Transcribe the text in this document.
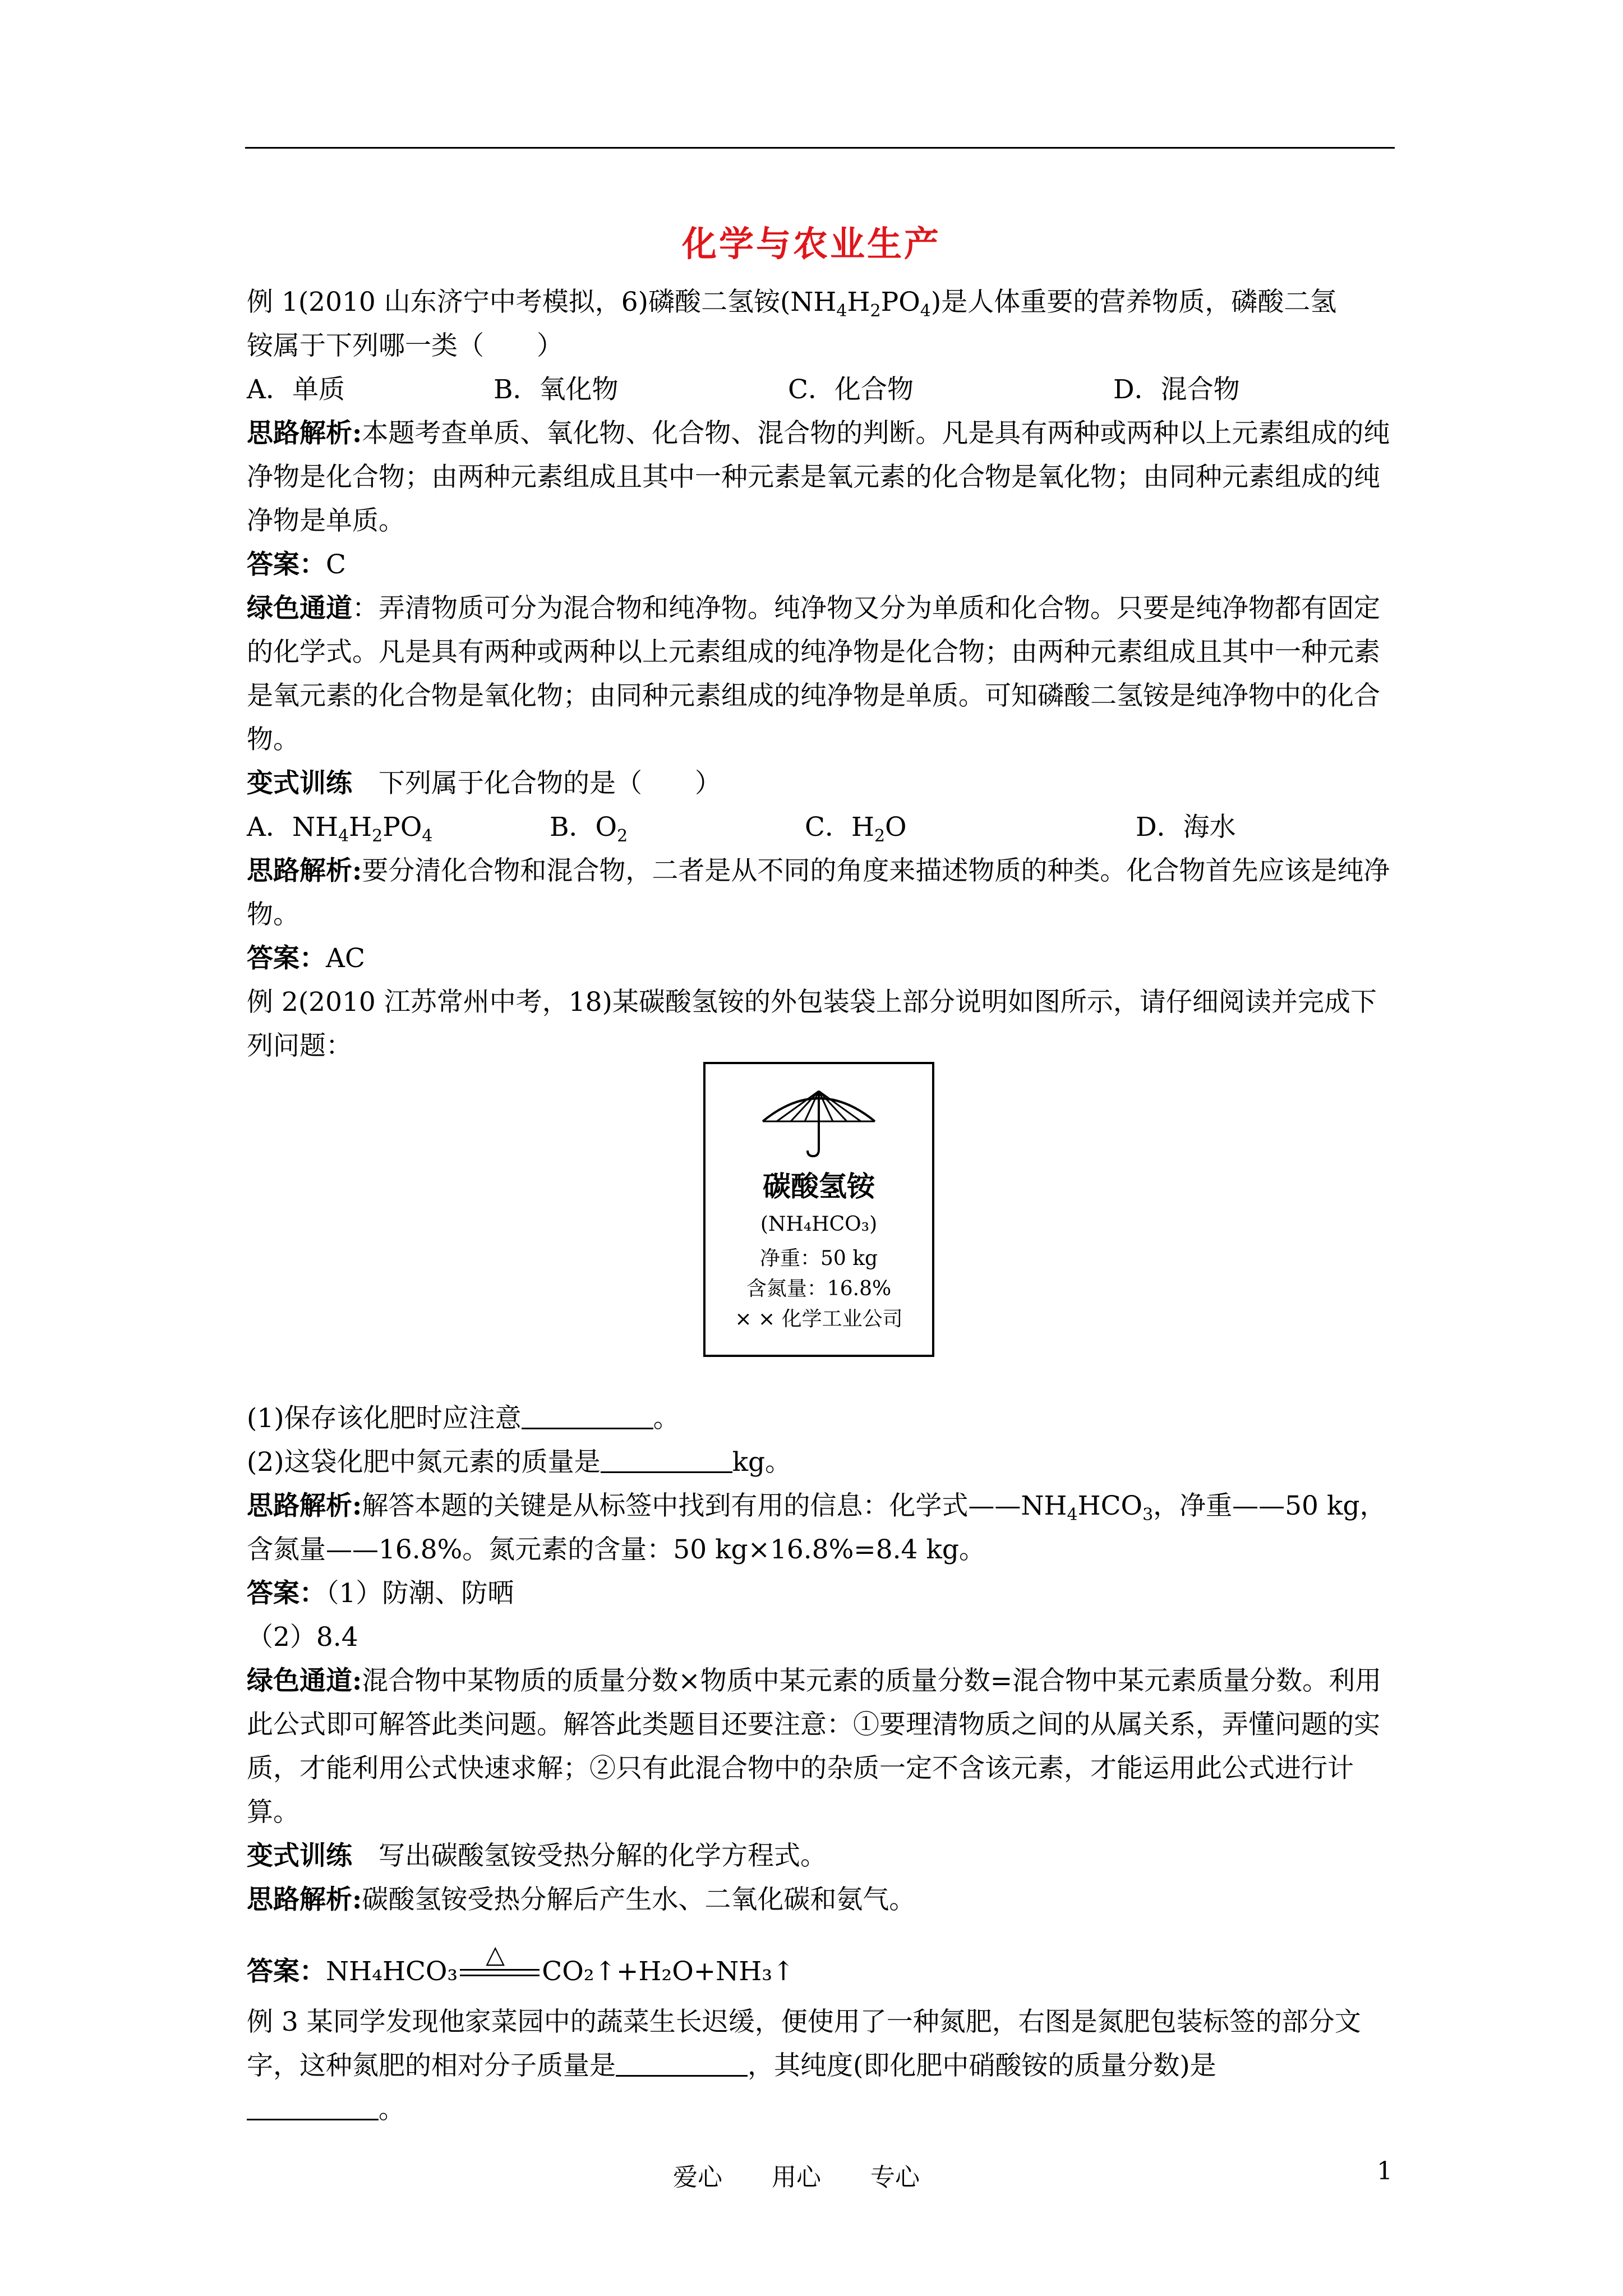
化学与农业生产

例 1(2010 山东济宁中考模拟，6)磷酸二氢铵$(NH_4H_2PO_4)$是人体重要的营养物质，磷酸二氢

铵属于下列哪一类（　　）

A．单质	B．氧化物	C．化合物	D．混合物

思路解析:本题考查单质、氧化物、化合物、混合物的判断。凡是具有两种或两种以上元素组成的纯净物是化合物；由两种元素组成且其中一种元素是氧元素的化合物是氧化物；由同种元素组成的纯净物是单质。

答案：C

绿色通道：弄清物质可分为混合物和纯净物。纯净物又分为单质和化合物。只要是纯净物都有固定的化学式。凡是具有两种或两种以上元素组成的纯净物是化合物；由两种元素组成且其中一种元素是氧元素的化合物是氧化物；由同种元素组成的纯净物是单质。可知磷酸二氢铵是纯净物中的化合物。

变式训练　下列属于化合物的是（　　）

A．$NH_4H_2PO_4$	B．$O_2$	C．$H_2O$	D．海水

思路解析:要分清化合物和混合物，二者是从不同的角度来描述物质的种类。化合物首先应该是纯净物。

答案：AC

例 2(2010 江苏常州中考，18)某碳酸氢铵的外包装袋上部分说明如图所示，请仔细阅读并完成下列问题：

(1)保存该化肥时应注意	。

(2)这袋化肥中氮元素的质量是	kg。

思路解析:解答本题的关键是从标签中找到有用的信息：化学式$——NH_4HCO_3$，净重——50 kg，含氮量——16.8%。氮元素的含量：50 kg×16.8%=8.4 kg。

答案：（1）防潮、防晒

（2）8.4

绿色通道:混合物中某物质的质量分数×物质中某元素的质量分数=混合物中某元素质量分数。利用此公式即可解答此类问题。解答此类题目还要注意：①要理清物质之间的从属关系，弄懂问题的实质，才能利用公式快速求解；②只有此混合物中的杂质一定不含该元素，才能运用此公式进行计算。

变式训练　写出碳酸氢铵受热分解的化学方程式。

思路解析:碳酸氢铵受热分解后产生水、二氧化碳和氨气。

答案：NH₄HCO₃
△
CO₂↑+H₂O+NH₃↑

例 3 某同学发现他家菜园中的蔬菜生长迟缓，便使用了一种氮肥，右图是氮肥包装标签的部分文字，这种氮肥的相对分子质量是	，其纯度(即化肥中硝酸铵的质量分数)是

。

碳酸氢铵
(NH₄HCO₃)
净重：50 kg
含氮量：16.8%
× × 化学工业公司
爱心　　用心　　专心	1
